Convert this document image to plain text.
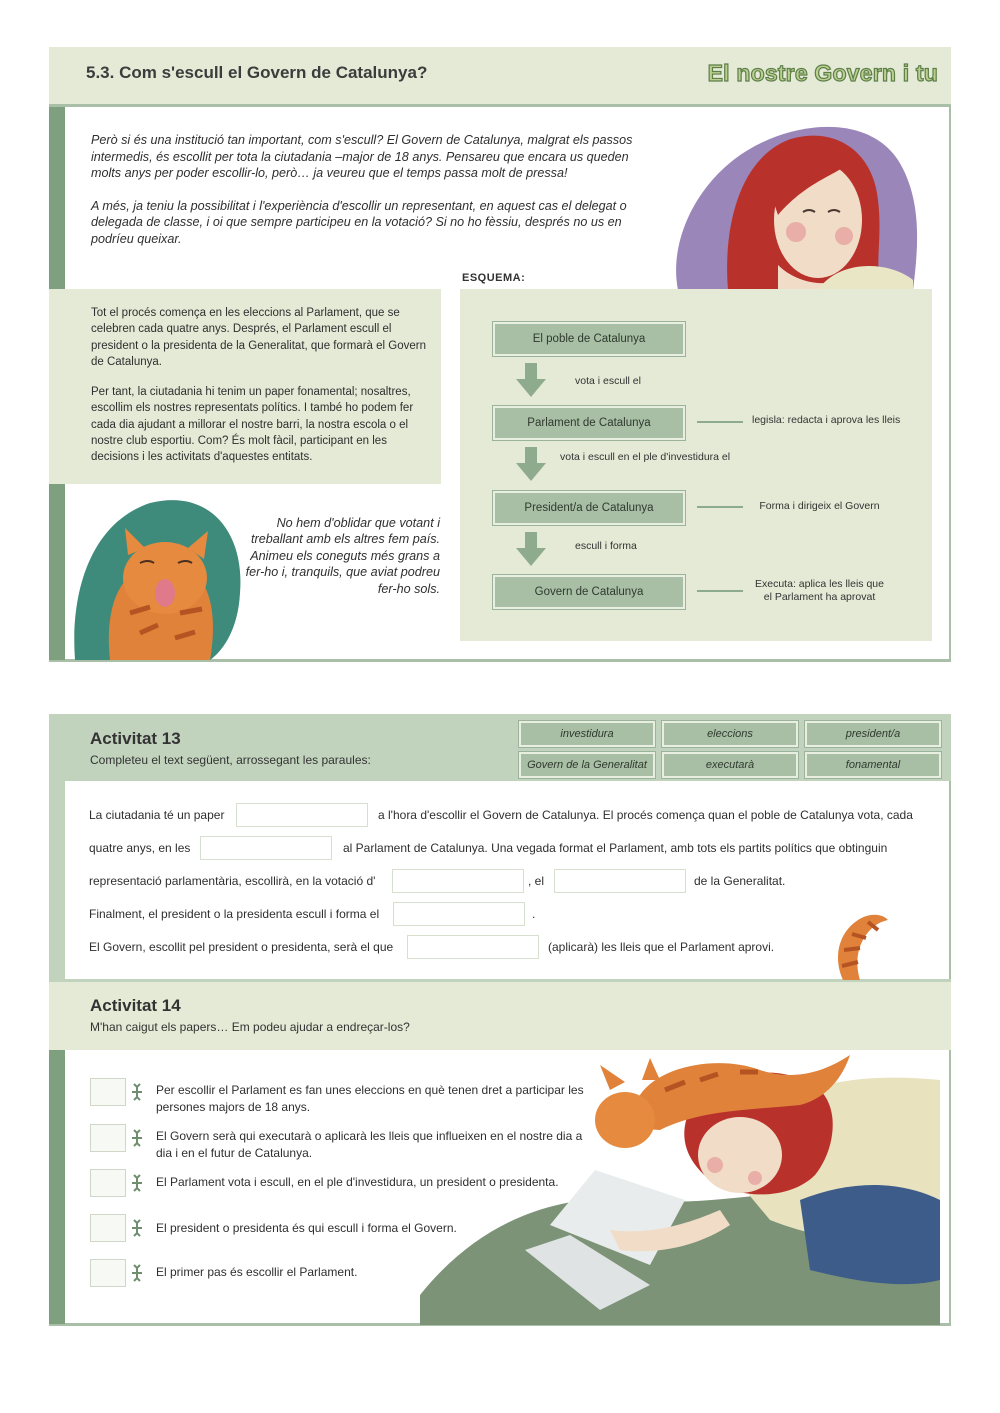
5.3. Com s'escull el Govern de Catalunya?	El nostre Govern i tu

Però si és una institució tan important, com s'escull? El Govern de Catalunya, malgrat els passos intermedis, és escollit per tota la ciutadania –major de 18 anys. Pensareu que encara us queden molts anys per poder escollir-lo, però… ja veureu que el temps passa molt de pressa!

A més, ja teniu la possibilitat i l'experiència d'escollir un representant, en aquest cas el delegat o delegada de classe, i oi que sempre participeu en la votació? Si no ho fèssiu, després no us en podríeu queixar.

ESQUEMA:

Tot el procés comença en les eleccions al Parlament, que se celebren cada quatre anys. Després, el Parlament escull el president o la presidenta de la Generalitat, que formarà el Govern de Catalunya.

Per tant, la ciutadania hi tenim un paper fonamental; nosaltres, escollim els nostres representats polítics. I també ho podem fer cada dia ajudant a millorar el nostre barri, la nostra escola o el nostre club esportiu. Com? És molt fàcil, participant en les decisions i les activitats d'aquestes entitats.

No hem d'oblidar que votant i treballant amb els altres fem país. Animeu els coneguts més grans a fer-ho i, tranquils, que aviat podreu fer-ho sols.
El poble de Catalunya
Parlament de Catalunya
President/a de Catalunya
Govern de Catalunya
vota i escull el
vota i escull en el ple d'investidura el
escull i forma
legisla: redacta i aprova les lleis
Forma i dirigeix el Govern
Executa: aplica les lleis que el Parlament ha aprovat
Activitat 13
Completeu el text següent, arrossegant les paraules:
investidura	eleccions	president/a
Govern de la Generalitat	executarà	fonamental
La ciutadania té un paper	a l'hora d'escollir el Govern de Catalunya. El procés comença quan el poble de Catalunya vota, cada
quatre anys, en les	al Parlament de Catalunya. Una vegada format el Parlament, amb tots els partits polítics que obtinguin
representació parlamentària, escollirà, en la votació d'	, el	de la Generalitat.
Finalment, el president o la presidenta escull i forma el	.
El Govern, escollit pel president o presidenta, serà el que	(aplicarà) les lleis que el Parlament aprovi.
Activitat 14
M'han caigut els papers… Em podeu ajudar a endreçar-los?
Per escollir el Parlament es fan unes eleccions en què tenen dret a participar les persones majors de 18 anys.
El Govern serà qui executarà o aplicarà les lleis que influeixen en el nostre dia a dia i en el futur de Catalunya.
El Parlament vota i escull, en el ple d'investidura, un president o presidenta.
El president o presidenta és qui escull i forma el Govern.
El primer pas és escollir el Parlament.
